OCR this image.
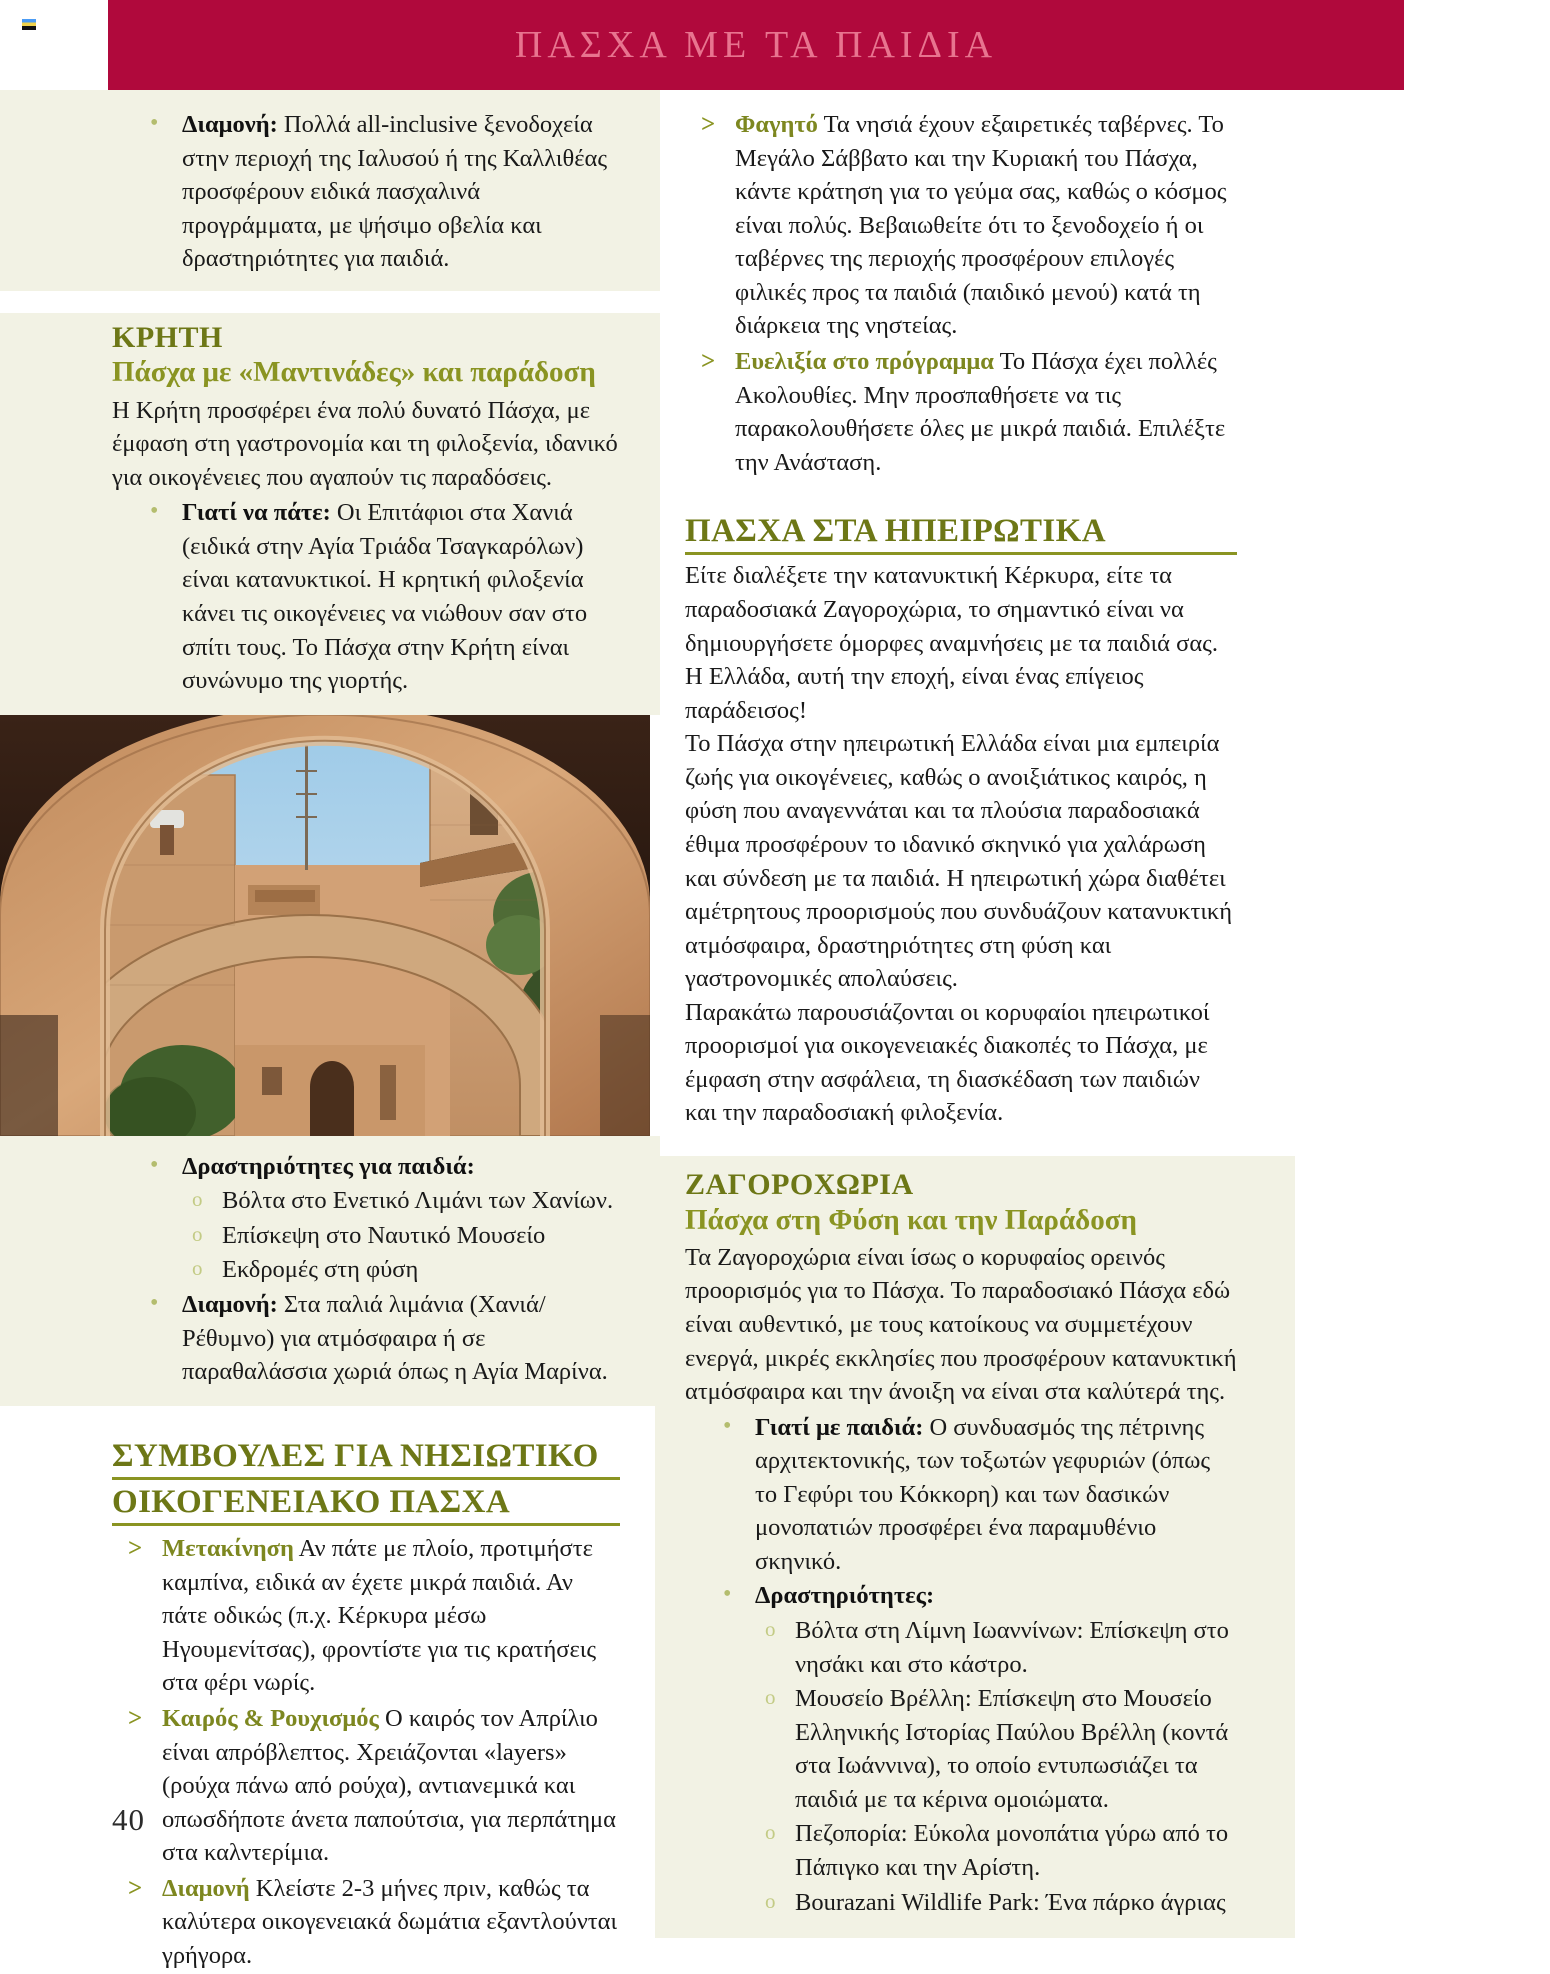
ΠΑΣΧΑ ΜΕ ΤΑ ΠΑΙΔΙΑ
• Διαμονή: Πολλά all-inclusive ξενοδοχεία στην περιοχή της Ιαλυσού ή της Καλλιθέας προσφέρουν ειδικά πασχαλινά προγράμματα, με ψήσιμο οβελία και δραστηριότητες για παιδιά.
ΚΡΗΤΗ
Πάσχα με «Μαντινάδες» και παράδοση

Η Κρήτη προσφέρει ένα πολύ δυνατό Πάσχα, με έμφαση στη γαστρονομία και τη φιλοξενία, ιδανικό για οικογένειες που αγαπούν τις παραδόσεις.

• Γιατί να πάτε: Οι Επιτάφιοι στα Χανιά (ειδικά στην Αγία Τριάδα Τσαγκαρόλων) είναι κατανυκτικοί. Η κρητική φιλοξενία κάνει τις οικογένειες να νιώθουν σαν στο σπίτι τους. Το Πάσχα στην Κρήτη είναι συνώνυμο της γιορτής.
• Δραστηριότητες για παιδιά:
o Βόλτα στο Ενετικό Λιμάνι των Χανίων.
o Επίσκεψη στο Ναυτικό Μουσείο
o Εκδρομές στη φύση
• Διαμονή: Στα παλιά λιμάνια (Χανιά/Ρέθυμνο) για ατμόσφαιρα ή σε παραθαλάσσια χωριά όπως η Αγία Μαρίνα.
ΣΥΜΒΟΥΛΕΣ ΓΙΑ ΝΗΣΙΩΤΙΚΟ
ΟΙΚΟΓΕΝΕΙΑΚΟ ΠΑΣΧΑ
> Μετακίνηση Αν πάτε με πλοίο, προτιμήστε καμπίνα, ειδικά αν έχετε μικρά παιδιά. Αν πάτε οδικώς (π.χ. Κέρκυρα μέσω Ηγουμενίτσας), φροντίστε για τις κρατήσεις στα φέρι νωρίς.
> Καιρός & Ρουχισμός Ο καιρός τον Απρίλιο είναι απρόβλεπτος. Χρειάζονται «layers» (ρούχα πάνω από ρούχα), αντιανεμικά και οπωσδήποτε άνετα παπούτσια, για περπάτημα στα καλντερίμια.
> Διαμονή Κλείστε 2-3 μήνες πριν, καθώς τα καλύτερα οικογενειακά δωμάτια εξαντλούνται γρήγορα.
> Φαγητό Τα νησιά έχουν εξαιρετικές ταβέρνες. Το Μεγάλο Σάββατο και την Κυριακή του Πάσχα, κάντε κράτηση για το γεύμα σας, καθώς ο κόσμος είναι πολύς. Βεβαιωθείτε ότι το ξενοδοχείο ή οι ταβέρνες της περιοχής προσφέρουν επιλογές φιλικές προς τα παιδιά (παιδικό μενού) κατά τη διάρκεια της νηστείας.
> Ευελιξία στο πρόγραμμα Το Πάσχα έχει πολλές Ακολουθίες. Μην προσπαθήσετε να τις παρακολουθήσετε όλες με μικρά παιδιά. Επιλέξτε την Ανάσταση.
ΠΑΣΧΑ ΣΤΑ ΗΠΕΙΡΩΤΙΚΑ

Είτε διαλέξετε την κατανυκτική Κέρκυρα, είτε τα παραδοσιακά Ζαγοροχώρια, το σημαντικό είναι να δημιουργήσετε όμορφες αναμνήσεις με τα παιδιά σας. Η Ελλάδα, αυτή την εποχή, είναι ένας επίγειος παράδεισος!

Το Πάσχα στην ηπειρωτική Ελλάδα είναι μια εμπειρία ζωής για οικογένειες, καθώς ο ανοιξιάτικος καιρός, η φύση που αναγεννάται και τα πλούσια παραδοσιακά έθιμα προσφέρουν το ιδανικό σκηνικό για χαλάρωση και σύνδεση με τα παιδιά. Η ηπειρωτική χώρα διαθέτει αμέτρητους προορισμούς που συνδυάζουν κατανυκτική ατμόσφαιρα, δραστηριότητες στη φύση και γαστρονομικές απολαύσεις.

Παρακάτω παρουσιάζονται οι κορυφαίοι ηπειρωτικοί προορισμοί για οικογενειακές διακοπές το Πάσχα, με έμφαση στην ασφάλεια, τη διασκέδαση των παιδιών και την παραδοσιακή φιλοξενία.

ΖΑΓΟΡΟΧΩΡΙΑ
Πάσχα στη Φύση και την Παράδοση

Τα Ζαγοροχώρια είναι ίσως ο κορυφαίος ορεινός προορισμός για το Πάσχα. Το παραδοσιακό Πάσχα εδώ είναι αυθεντικό, με τους κατοίκους να συμμετέχουν ενεργά, μικρές εκκλησίες που προσφέρουν κατανυκτική ατμόσφαιρα και την άνοιξη να είναι στα καλύτερά της.

• Γιατί με παιδιά: Ο συνδυασμός της πέτρινης αρχιτεκτονικής, των τοξωτών γεφυριών (όπως το Γεφύρι του Κόκκορη) και των δασικών μονοπατιών προσφέρει ένα παραμυθένιο σκηνικό.
• Δραστηριότητες:
o Βόλτα στη Λίμνη Ιωαννίνων: Επίσκεψη στο νησάκι και στο κάστρο.
o Μουσείο Βρέλλη: Επίσκεψη στο Μουσείο Ελληνικής Ιστορίας Παύλου Βρέλλη (κοντά στα Ιωάννινα), το οποίο εντυπωσιάζει τα παιδιά με τα κέρινα ομοιώματα.
o Πεζοπορία: Εύκολα μονοπάτια γύρω από το Πάπιγκο και την Αρίστη.
o Bourazani Wildlife Park: Ένα πάρκο άγριας
40
